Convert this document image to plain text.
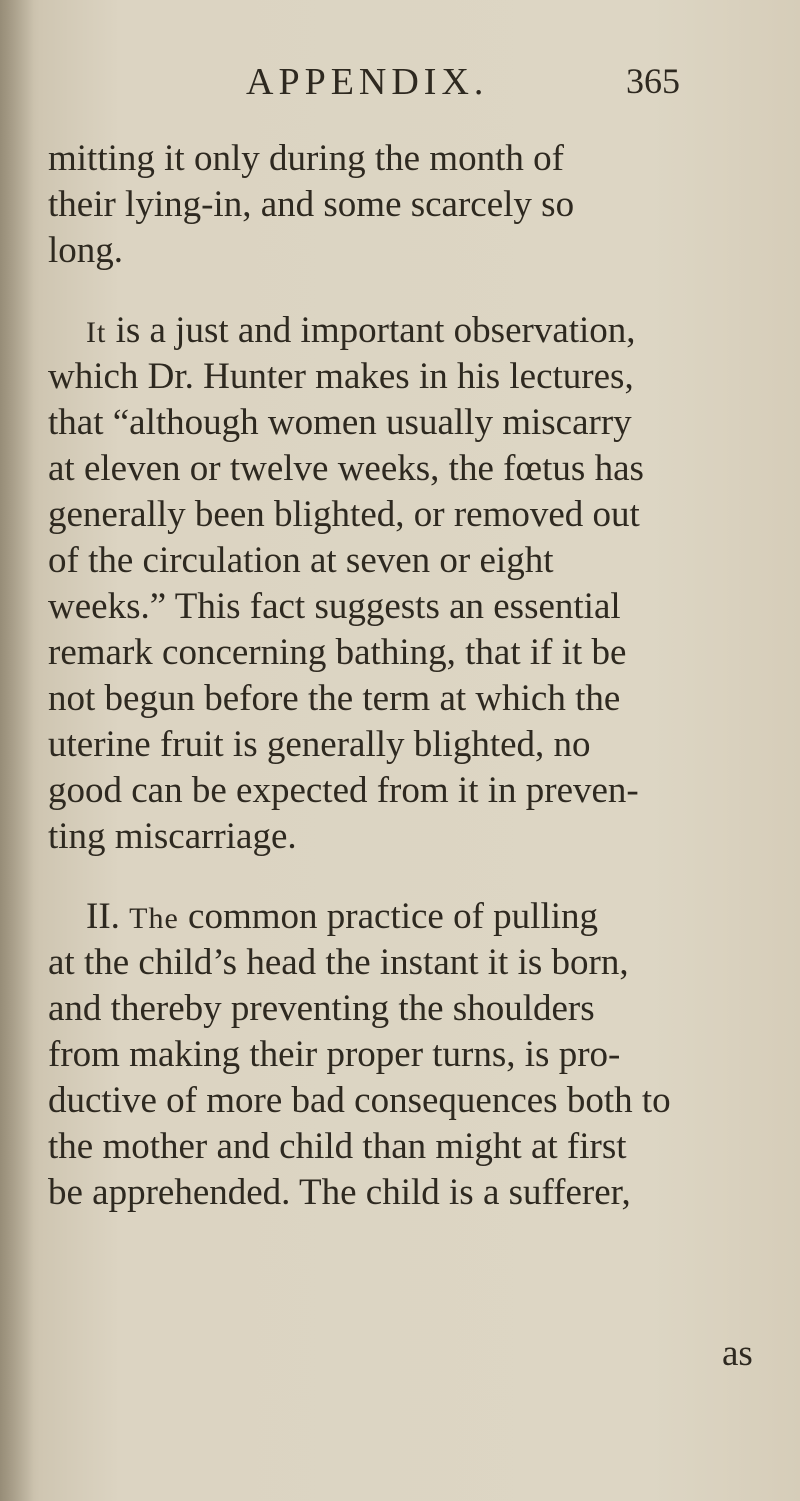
APPENDIX.	365
mitting it only during the month of
their lying-in, and some scarcely so
long.
It is a just and important observation,
which Dr. Hunter makes in his lectures,
that “although women usually miscarry
at eleven or twelve weeks, the fœtus has
generally been blighted, or removed out
of the circulation at seven or eight
weeks.” This fact suggests an essential
remark concerning bathing, that if it be
not begun before the term at which the
uterine fruit is generally blighted, no
good can be expected from it in preven-
ting miscarriage.
II. The common practice of pulling
at the child’s head the instant it is born,
and thereby preventing the shoulders
from making their proper turns, is pro-
ductive of more bad consequences both to
the mother and child than might at first
be apprehended. The child is a sufferer,
as
